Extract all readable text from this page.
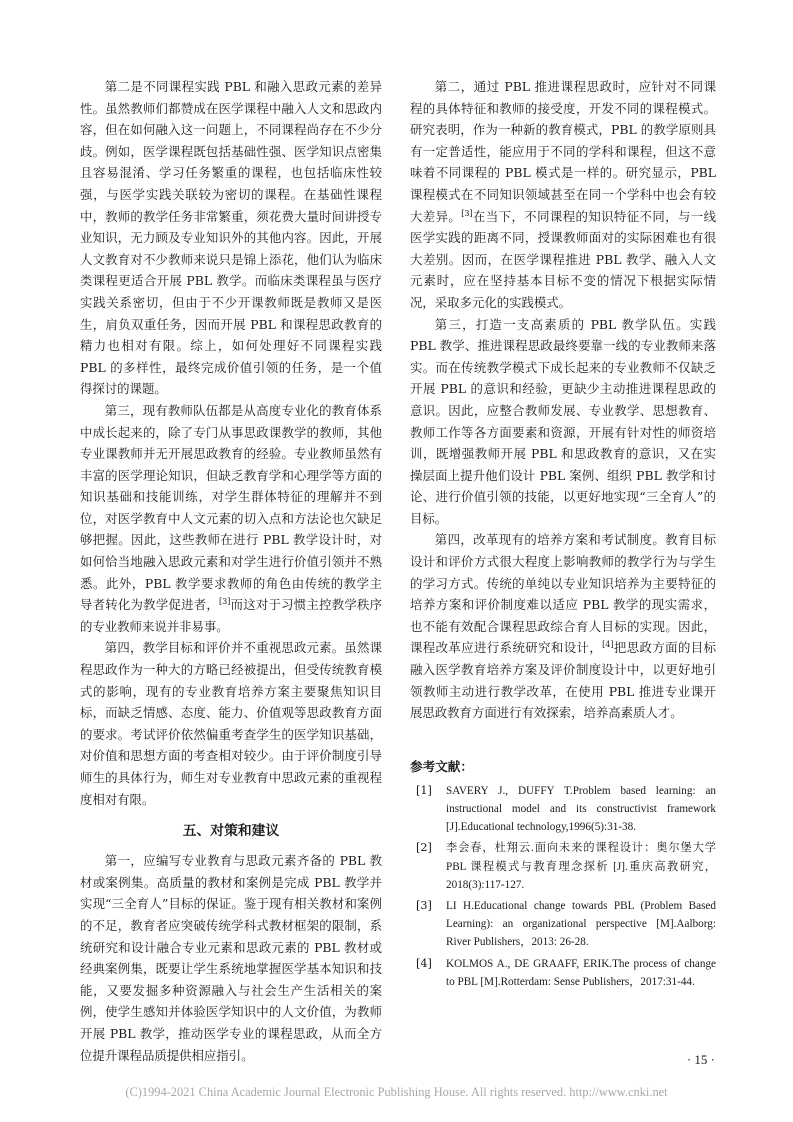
第二是不同课程实践 PBL 和融入思政元素的差异性。虽然教师们都赞成在医学课程中融入人文和思政内容，但在如何融入这一问题上，不同课程尚存在不少分歧。例如，医学课程既包括基础性强、医学知识点密集且容易混淆、学习任务繁重的课程，也包括临床性较强，与医学实践关联较为密切的课程。在基础性课程中，教师的教学任务非常繁重，须花费大量时间讲授专业知识，无力顾及专业知识外的其他内容。因此，开展人文教育对不少教师来说只是锦上添花，他们认为临床类课程更适合开展 PBL 教学。而临床类课程虽与医疗实践关系密切，但由于不少开课教师既是教师又是医生，肩负双重任务，因而开展 PBL 和课程思政教育的精力也相对有限。综上，如何处理好不同课程实践 PBL 的多样性，最终完成价值引领的任务，是一个值得探讨的课题。

第三，现有教师队伍都是从高度专业化的教育体系中成长起来的，除了专门从事思政课教学的教师，其他专业课教师并无开展思政教育的经验。专业教师虽然有丰富的医学理论知识，但缺乏教育学和心理学等方面的知识基础和技能训练，对学生群体特征的理解并不到位，对医学教育中人文元素的切入点和方法论也欠缺足够把握。因此，这些教师在进行 PBL 教学设计时，对如何恰当地融入思政元素和对学生进行价值引领并不熟悉。此外，PBL 教学要求教师的角色由传统的教学主导者转化为教学促进者，[3]而这对于习惯主控教学秩序的专业教师来说并非易事。

第四，教学目标和评价并不重视思政元素。虽然课程思政作为一种大的方略已经被提出，但受传统教育模式的影响，现有的专业教育培养方案主要聚焦知识目标，而缺乏情感、态度、能力、价值观等思政教育方面的要求。考试评价依然偏重考查学生的医学知识基础，对价值和思想方面的考查相对较少。由于评价制度引导师生的具体行为，师生对专业教育中思政元素的重视程度相对有限。

五、对策和建议

第一，应编写专业教育与思政元素齐备的 PBL 教材或案例集。高质量的教材和案例是完成 PBL 教学并实现“三全育人”目标的保证。鉴于现有相关教材和案例的不足，教育者应突破传统学科式教材框架的限制，系统研究和设计融合专业元素和思政元素的 PBL 教材或经典案例集，既要让学生系统地掌握医学基本知识和技能，又要发掘多种资源融入与社会生产生活相关的案例，使学生感知并体验医学知识中的人文价值，为教师开展 PBL 教学，推动医学专业的课程思政，从而全方位提升课程品质提供相应指引。

第二，通过 PBL 推进课程思政时，应针对不同课程的具体特征和教师的接受度，开发不同的课程模式。研究表明，作为一种新的教育模式，PBL 的教学原则具有一定普适性，能应用于不同的学科和课程，但这不意味着不同课程的 PBL 模式是一样的。研究显示，PBL 课程模式在不同知识领域甚至在同一个学科中也会有较大差异。[3]在当下，不同课程的知识特征不同，与一线医学实践的距离不同，授课教师面对的实际困难也有很大差别。因而，在医学课程推进 PBL 教学、融入人文元素时，应在坚持基本目标不变的情况下根据实际情况，采取多元化的实践模式。

第三，打造一支高素质的 PBL 教学队伍。实践 PBL 教学、推进课程思政最终要靠一线的专业教师来落实。而在传统教学模式下成长起来的专业教师不仅缺乏开展 PBL 的意识和经验，更缺少主动推进课程思政的意识。因此，应整合教师发展、专业教学、思想教育、教师工作等各方面要素和资源，开展有针对性的师资培训，既增强教师开展 PBL 和思政教育的意识，又在实操层面上提升他们设计 PBL 案例、组织 PBL 教学和讨论、进行价值引领的技能，以更好地实现“三全育人”的目标。

第四，改革现有的培养方案和考试制度。教育目标设计和评价方式很大程度上影响教师的教学行为与学生的学习方式。传统的单纯以专业知识培养为主要特征的培养方案和评价制度难以适应 PBL 教学的现实需求，也不能有效配合课程思政综合育人目标的实现。因此，课程改革应进行系统研究和设计，[4]把思政方面的目标融入医学教育培养方案及评价制度设计中，以更好地引领教师主动进行教学改革，在使用 PBL 推进专业课开展思政教育方面进行有效探索，培养高素质人才。

参考文献：
[1]	SAVERY J., DUFFY T.Problem based learning: an instructional model and its constructivist framework [J].Educational technology,1996(5):31-38.
[2]	李会春，杜翔云.面向未来的课程设计：奥尔堡大学 PBL 课程模式与教育理念探析 [J].重庆高教研究，2018(3):117-127.
[3]	LI H.Educational change towards PBL (Problem Based Learning): an organizational perspective [M].Aalborg: River Publishers，2013: 26-28.
[4]	KOLMOS A., DE GRAAFF, ERIK.The process of change to PBL [M].Rotterdam: Sense Publishers，2017:31-44.
· 15 ·
(C)1994-2021 China Academic Journal Electronic Publishing House. All rights reserved. http://www.cnki.net
